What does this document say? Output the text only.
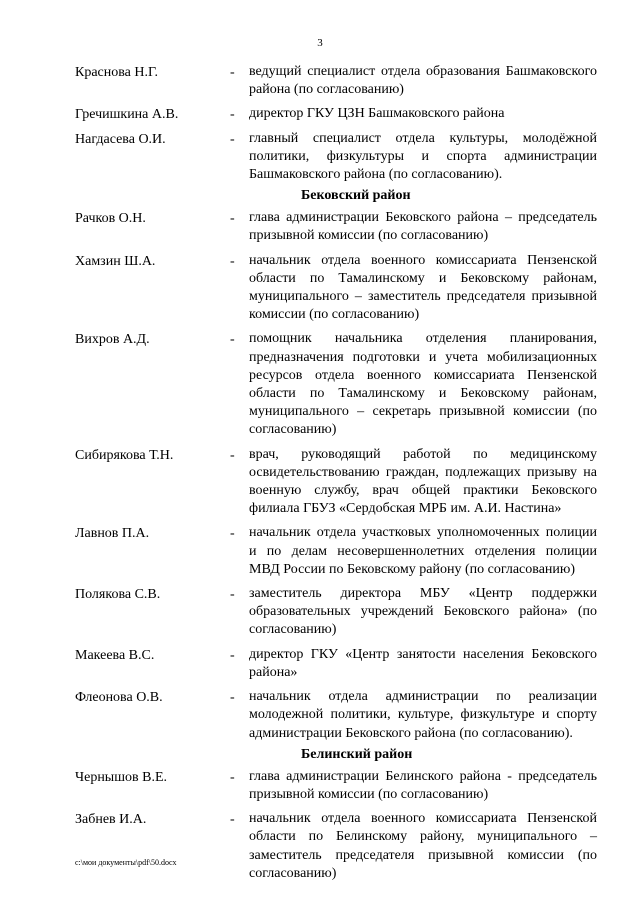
3
Краснова Н.Г.	-	ведущий специалист отдела образования Башмаковского района (по согласованию)
Гречишкина А.В.	-	директор ГКУ ЦЗН Башмаковского района
Нагдасева О.И.	-	главный специалист отдела культуры, молодёжной политики, физкультуры и спорта администрации Башмаковского района (по согласованию).
Бековский район
Рачков О.Н.	-	глава администрации Бековского района – председатель призывной комиссии (по согласованию)
Хамзин Ш.А.	-	начальник отдела военного комиссариата Пензенской области по Тамалинскому и Бековскому районам, муниципального – заместитель председателя призывной комиссии (по согласованию)
Вихров А.Д.	-	помощник начальника отделения планирования, предназначения подготовки и учета мобилизационных ресурсов отдела военного комиссариата Пензенской области по Тамалинскому и Бековскому районам, муниципального – секретарь призывной комиссии (по согласованию)
Сибирякова Т.Н.	-	врач, руководящий работой по медицинскому освидетельствованию граждан, подлежащих призыву на военную службу, врач общей практики Бековского филиала ГБУЗ «Сердобская МРБ им. А.И. Настина»
Лавнов П.А.	-	начальник отдела участковых уполномоченных полиции и по делам несовершеннолетних отделения полиции МВД России по Бековскому району (по согласованию)
Полякова С.В.	-	заместитель директора МБУ «Центр поддержки образовательных учреждений Бековского района» (по согласованию)
Макеева В.С.	-	директор ГКУ «Центр занятости населения Бековского района»
Флеонова О.В.	-	начальник отдела администрации по реализации молодежной политики, культуре, физкультуре и спорту администрации Бековского района (по согласованию).
Белинский район
Чернышов В.Е.	-	глава администрации Белинского района - председатель призывной комиссии (по согласованию)
Забнев И.А.	-	начальник отдела военного комиссариата Пензенской области по Белинскому району, муниципального – заместитель председателя призывной комиссии (по согласованию)
c:\мои документы\pdf\50.docx
